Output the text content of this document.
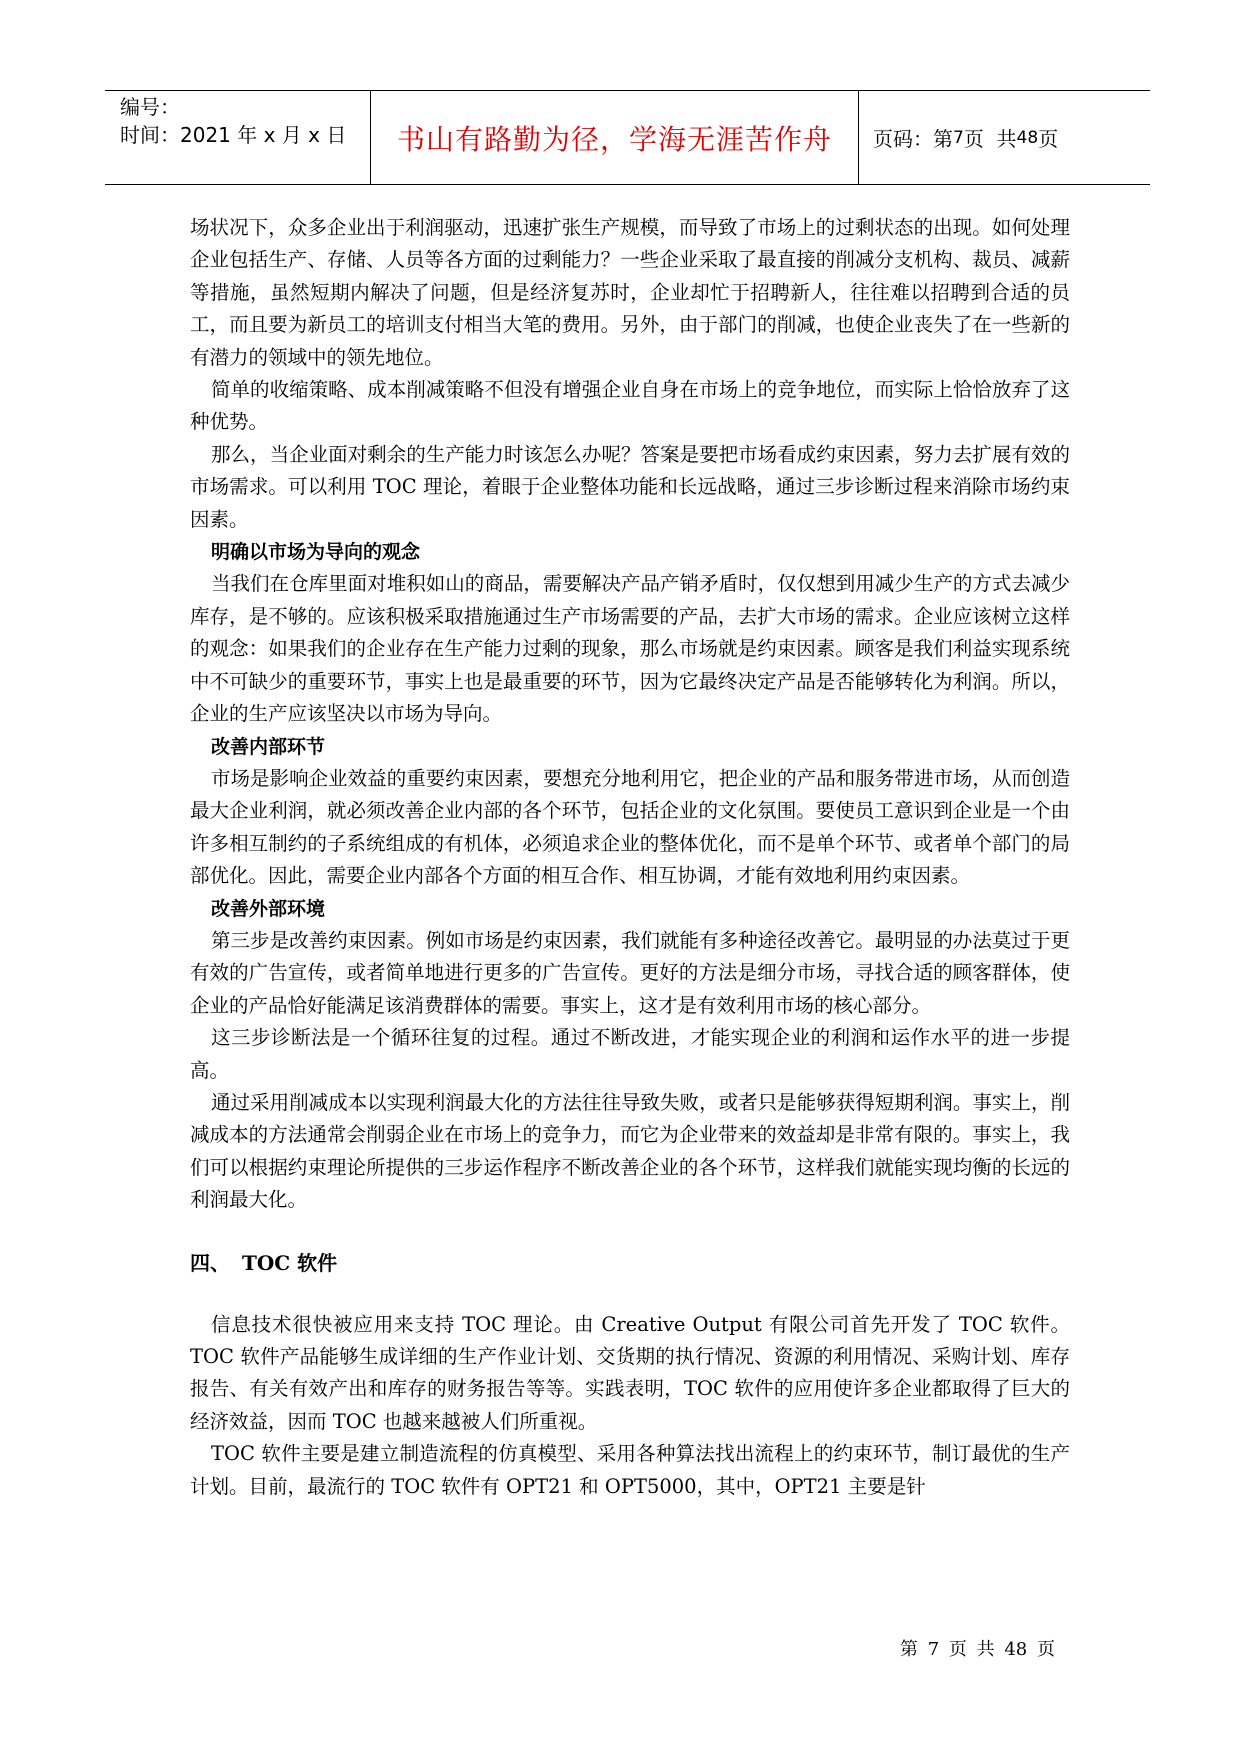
编号：
时间：2021 年 x 月 x 日	书山有路勤为径，学海无涯苦作舟	页码：第 7 页  共 48 页

场状况下，众多企业出于利润驱动，迅速扩张生产规模，而导致了市场上的过剩状态的出现。如何处理企业包括生产、存储、人员等各方面的过剩能力？一些企业采取了最直接的削减分支机构、裁员、减薪等措施，虽然短期内解决了问题，但是经济复苏时，企业却忙于招聘新人，往往难以招聘到合适的员工，而且要为新员工的培训支付相当大笔的费用。另外，由于部门的削减，也使企业丧失了在一些新的有潜力的领域中的领先地位。

简单的收缩策略、成本削减策略不但没有增强企业自身在市场上的竞争地位，而实际上恰恰放弃了这种优势。

那么，当企业面对剩余的生产能力时该怎么办呢？答案是要把市场看成约束因素，努力去扩展有效的市场需求。可以利用 TOC 理论，着眼于企业整体功能和长远战略，通过三步诊断过程来消除市场约束因素。

明确以市场为导向的观念

当我们在仓库里面对堆积如山的商品，需要解决产品产销矛盾时，仅仅想到用减少生产的方式去减少库存，是不够的。应该积极采取措施通过生产市场需要的产品，去扩大市场的需求。企业应该树立这样的观念：如果我们的企业存在生产能力过剩的现象，那么市场就是约束因素。顾客是我们利益实现系统中不可缺少的重要环节，事实上也是最重要的环节，因为它最终决定产品是否能够转化为利润。所以，企业的生产应该坚决以市场为导向。

改善内部环节

市场是影响企业效益的重要约束因素，要想充分地利用它，把企业的产品和服务带进市场，从而创造最大企业利润，就必须改善企业内部的各个环节，包括企业的文化氛围。要使员工意识到企业是一个由许多相互制约的子系统组成的有机体，必须追求企业的整体优化，而不是单个环节、或者单个部门的局部优化。因此，需要企业内部各个方面的相互合作、相互协调，才能有效地利用约束因素。

改善外部环境

第三步是改善约束因素。例如市场是约束因素，我们就能有多种途径改善它。最明显的办法莫过于更有效的广告宣传，或者简单地进行更多的广告宣传。更好的方法是细分市场，寻找合适的顾客群体，使企业的产品恰好能满足该消费群体的需要。事实上，这才是有效利用市场的核心部分。

这三步诊断法是一个循环往复的过程。通过不断改进，才能实现企业的利润和运作水平的进一步提高。

通过采用削减成本以实现利润最大化的方法往往导致失败，或者只是能够获得短期利润。事实上，削减成本的方法通常会削弱企业在市场上的竞争力，而它为企业带来的效益却是非常有限的。事实上，我们可以根据约束理论所提供的三步运作程序不断改善企业的各个环节，这样我们就能实现均衡的长远的利润最大化。

四、 TOC 软件

信息技术很快被应用来支持 TOC 理论。由 Creative Output 有限公司首先开发了 TOC 软件。TOC 软件产品能够生成详细的生产作业计划、交货期的执行情况、资源的利用情况、采购计划、库存报告、有关有效产出和库存的财务报告等等。实践表明，TOC 软件的应用使许多企业都取得了巨大的经济效益，因而 TOC 也越来越被人们所重视。

TOC 软件主要是建立制造流程的仿真模型、采用各种算法找出流程上的约束环节，制订最优的生产计划。目前，最流行的 TOC 软件有 OPT21 和 OPT5000，其中，OPT21 主要是针

第 7 页 共 48 页
